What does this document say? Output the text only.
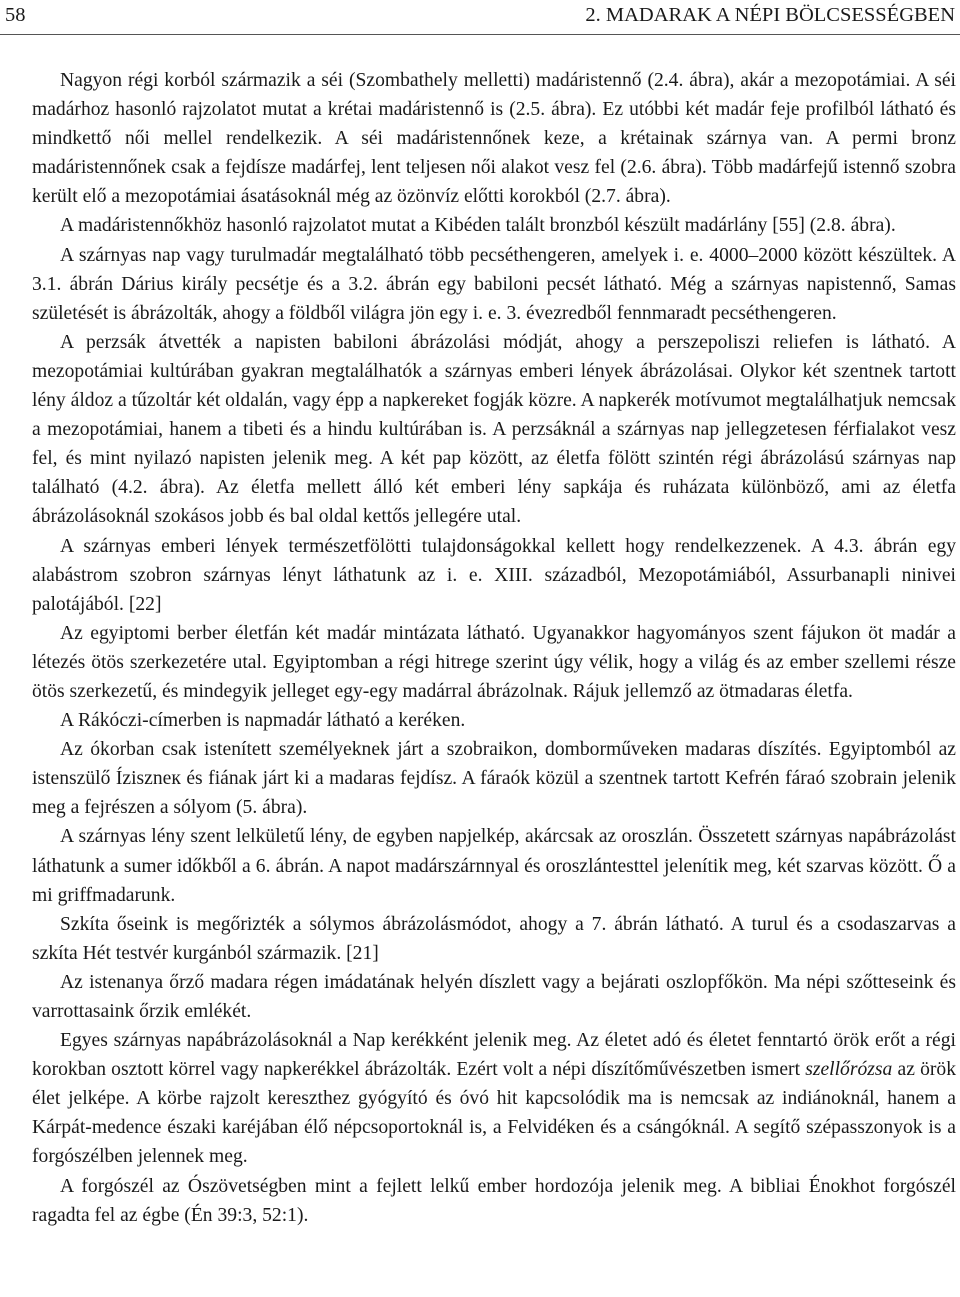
58	2. MADARAK A NÉPI BÖLCSESSÉGBEN

Nagyon régi korból származik a séi (Szombathely melletti) madáristennő (2.4. ábra), akár a mezopotámiai. A séi madárhoz hasonló rajzolatot mutat a krétai madáristennő is (2.5. ábra). Ez utóbbi két madár feje profilból látható és mindkettő női mellel rendelkezik. A séi madáristennőnek keze, a krétainak szárnya van. A permi bronz madáristennőnek csak a fejdísze madárfej, lent teljesen női alakot vesz fel (2.6. ábra). Több madárfejű istennő szobra került elő a mezopotámiai ásatásoknál még az özönvíz előtti korokból (2.7. ábra).

A madáristennőkhöz hasonló rajzolatot mutat a Kibéden talált bronzból készült madárlány [55] (2.8. ábra).

A szárnyas nap vagy turulmadár megtalálható több pecséthengeren, amelyek i. e. 4000–2000 között készültek. A 3.1. ábrán Dárius király pecsétje és a 3.2. ábrán egy babiloni pecsét látható. Még a szárnyas napistennő, Samas születését is ábrázolták, ahogy a földből világra jön egy i. e. 3. évezredből fennmaradt pecséthengeren.

A perzsák átvették a napisten babiloni ábrázolási módját, ahogy a perszepoliszi reliefen is látható. A mezopotámiai kultúrában gyakran megtalálhatók a szárnyas emberi lények ábrázolásai. Olykor két szentnek tartott lény áldoz a tűzoltár két oldalán, vagy épp a napkereket fogják közre. A napkerék motívumot megtalálhatjuk nemcsak a mezopotámiai, hanem a tibeti és a hindu kultúrában is. A perzsáknál a szárnyas nap jellegzetesen férfialakot vesz fel, és mint nyilazó napisten jelenik meg. A két pap között, az életfa fölött szintén régi ábrázolású szárnyas nap található (4.2. ábra). Az életfa mellett álló két emberi lény sapkája és ruházata különböző, ami az életfa ábrázolásoknál szokásos jobb és bal oldal kettős jellegére utal.

A szárnyas emberi lények természetfölötti tulajdonságokkal kellett hogy rendelkezzenek. A 4.3. ábrán egy alabástrom szobron szárnyas lényt láthatunk az i. e. XIII. századból, Mezopotámiából, Assurbanapli ninivei palotájából. [22]

Az egyiptomi berber életfán két madár mintázata látható. Ugyanakkor hagyományos szent fájukon öt madár a létezés ötös szerkezetére utal. Egyiptomban a régi hitrege szerint úgy vélik, hogy a világ és az ember szellemi része ötös szerkezetű, és mindegyik jelleget egy-egy madárral ábrázolnak. Rájuk jellemző az ötmadaras életfa.

A Rákóczi-címerben is napmadár látható a keréken.

Az ókorban csak istenített személyeknek járt a szobraikon, domborműveken madaras díszítés. Egyiptomból az istenszülő Íziszneк és fiának járt ki a madaras fejdísz. A fáraók közül a szentnek tartott Kefrén fáraó szobrain jelenik meg a fejrészen a sólyom (5. ábra).

A szárnyas lény szent lelkületű lény, de egyben napjelkép, akárcsak az oroszlán. Összetett szárnyas napábrázolást láthatunk a sumer időkből a 6. ábrán. A napot madárszárnnyal és oroszlántesttel jelenítik meg, két szarvas között. Ő a mi griffmadarunk.

Szkíta őseink is megőrizték a sólymos ábrázolásmódot, ahogy a 7. ábrán látható. A turul és a csodaszarvas a szkíta Hét testvér kurgánból származik. [21]

Az istenanya őrző madara régen imádatának helyén díszlett vagy a bejárati oszlopfőkön. Ma népi szőtteseink és varrottasaink őrzik emlékét.

Egyes szárnyas napábrázolásoknál a Nap kerékként jelenik meg. Az életet adó és életet fenntartó örök erőt a régi korokban osztott körrel vagy napkerékkel ábrázolták. Ezért volt a népi díszítőművészetben ismert szellőrózsa az örök élet jelképe. A körbe rajzolt kereszthez gyógyító és óvó hit kapcsolódik ma is nemcsak az indiánoknál, hanem a Kárpát-medence északi karéjában élő népcsoportoknál is, a Felvidéken és a csángóknál. A segítő szépasszonyok is a forgószélben jelennek meg.

A forgószél az Ószövetségben mint a fejlett lelkű ember hordozója jelenik meg. A bibliai Énokhot forgószél ragadta fel az égbe (Én 39:3, 52:1).
